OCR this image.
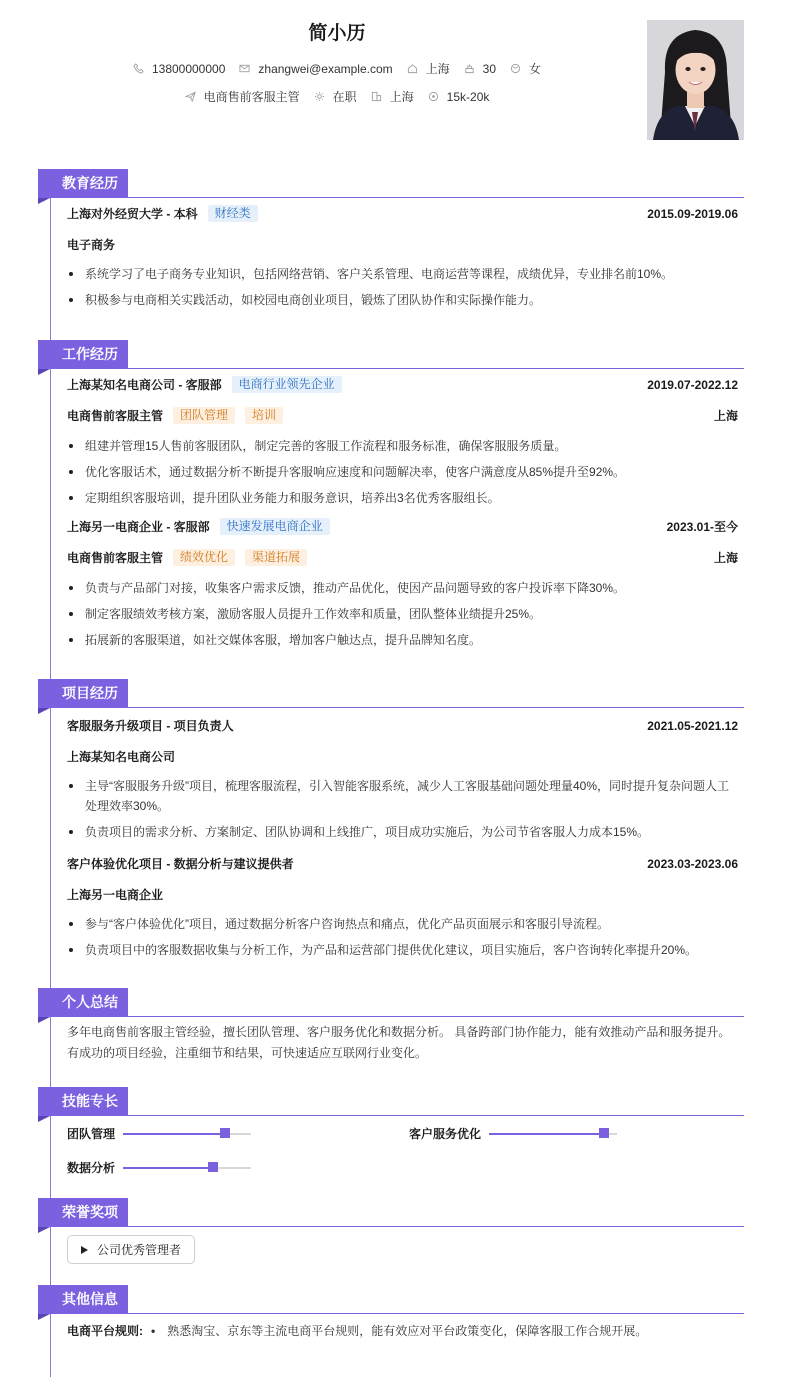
简小历
13800000000	zhangwei@example.com	上海	30	女
电商售前客服主管	在职	上海	15k-20k
教育经历
上海对外经贸大学 - 本科	财经类	2015.09-2019.06
电子商务
系统学习了电子商务专业知识，包括网络营销、客户关系管理、电商运营等课程，成绩优异，专业排名前10%。
积极参与电商相关实践活动，如校园电商创业项目，锻炼了团队协作和实际操作能力。
工作经历
上海某知名电商公司 - 客服部	电商行业领先企业	2019.07-2022.12
电商售前客服主管	团队管理	培训	上海
组建并管理15人售前客服团队，制定完善的客服工作流程和服务标准，确保客服服务质量。
优化客服话术，通过数据分析不断提升客服响应速度和问题解决率，使客户满意度从85%提升至92%。
定期组织客服培训，提升团队业务能力和服务意识，培养出3名优秀客服组长。
上海另一电商企业 - 客服部	快速发展电商企业	2023.01-至今
电商售前客服主管	绩效优化	渠道拓展	上海
负责与产品部门对接，收集客户需求反馈，推动产品优化，使因产品问题导致的客户投诉率下降30%。
制定客服绩效考核方案，激励客服人员提升工作效率和质量，团队整体业绩提升25%。
拓展新的客服渠道，如社交媒体客服，增加客户触达点，提升品牌知名度。
项目经历
客服服务升级项目 - 项目负责人	2021.05-2021.12
上海某知名电商公司
主导“客服服务升级”项目，梳理客服流程，引入智能客服系统，减少人工客服基础问题处理量40%，同时提升复杂问题人工处理效率30%。
负责项目的需求分析、方案制定、团队协调和上线推广，项目成功实施后，为公司节省客服人力成本15%。
客户体验优化项目 - 数据分析与建议提供者	2023.03-2023.06
上海另一电商企业
参与“客户体验优化”项目，通过数据分析客户咨询热点和痛点，优化产品页面展示和客服引导流程。
负责项目中的客服数据收集与分析工作，为产品和运营部门提供优化建议，项目实施后，客户咨询转化率提升20%。
个人总结
多年电商售前客服主管经验，擅长团队管理、客户服务优化和数据分析。 具备跨部门协作能力，能有效推动产品和服务提升。有成功的项目经验，注重细节和结果，可快速适应互联网行业变化。
技能专长
团队管理	客户服务优化
数据分析
荣誉奖项
公司优秀管理者
其他信息
电商平台规则: • 熟悉淘宝、京东等主流电商平台规则，能有效应对平台政策变化，保障客服工作合规开展。
